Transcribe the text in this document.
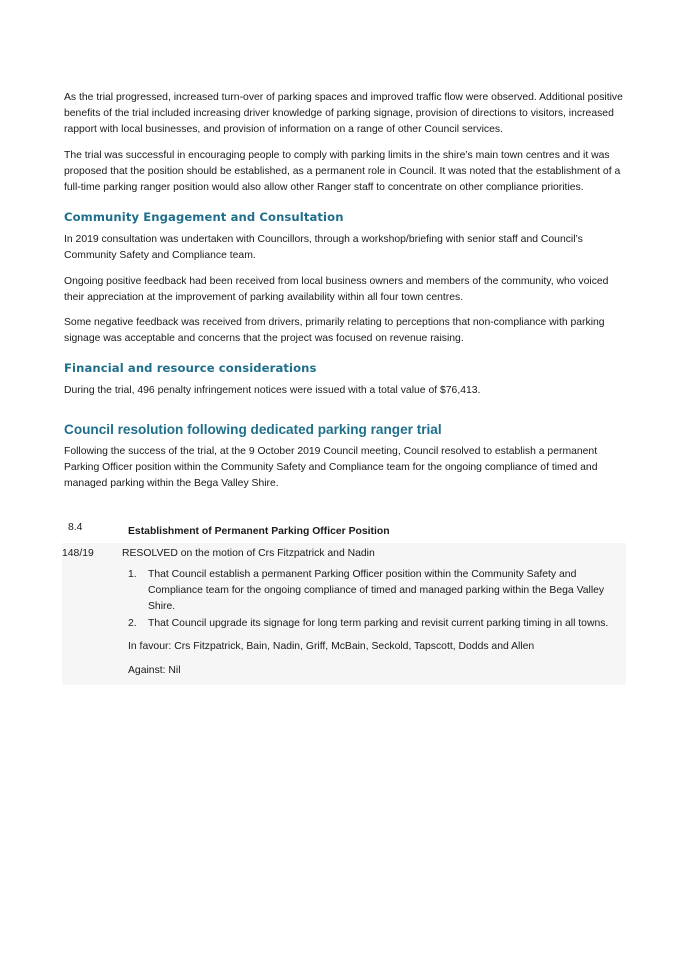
As the trial progressed, increased turn-over of parking spaces and improved traffic flow were observed. Additional positive benefits of the trial included increasing driver knowledge of parking signage, provision of directions to visitors, increased rapport with local businesses, and provision of information on a range of other Council services.

The trial was successful in encouraging people to comply with parking limits in the shire’s main town centres and it was proposed that the position should be established, as a permanent role in Council. It was noted that the establishment of a full-time parking ranger position would also allow other Ranger staff to concentrate on other compliance priorities.

Community Engagement and Consultation

In 2019 consultation was undertaken with Councillors, through a workshop/briefing with senior staff and Council’s Community Safety and Compliance team.

Ongoing positive feedback had been received from local business owners and members of the community, who voiced their appreciation at the improvement of parking availability within all four town centres.

Some negative feedback was received from drivers, primarily relating to perceptions that non-compliance with parking signage was acceptable and concerns that the project was focused on revenue raising.

Financial and resource considerations

During the trial, 496 penalty infringement notices were issued with a total value of $76,413.

Council resolution following dedicated parking ranger trial

Following the success of the trial, at the 9 October 2019 Council meeting, Council resolved to establish a permanent Parking Officer position within the Community Safety and Compliance team for the ongoing compliance of timed and managed parking within the Bega Valley Shire.

8.4	Establishment of Permanent Parking Officer Position
148/19	RESOLVED on the motion of Crs Fitzpatrick and Nadin
1.	That Council establish a permanent Parking Officer position within the Community Safety and Compliance team for the ongoing compliance of timed and managed parking within the Bega Valley Shire.
2.	That Council upgrade its signage for long term parking and revisit current parking timing in all towns.
In favour: Crs Fitzpatrick, Bain, Nadin, Griff, McBain, Seckold, Tapscott, Dodds and Allen
Against: Nil
